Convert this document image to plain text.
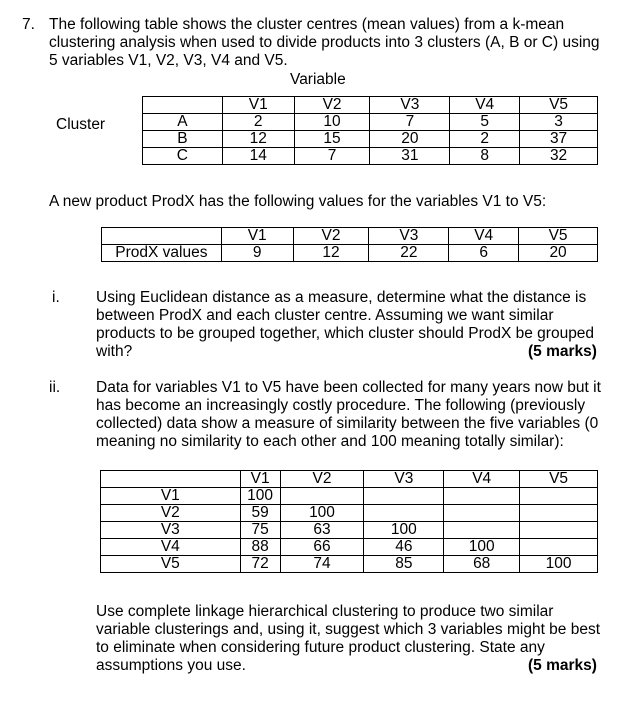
7. The following table shows the cluster centres (mean values) from a k-mean
clustering analysis when used to divide products into 3 clusters (A, B or C) using
5 variables V1, V2, V3, V4 and V5.
Variable
Cluster
	V1	V2	V3	V4	V5
A	2	10	7	5	3
B	12	15	20	2	37
C	14	7	31	8	32
A new product ProdX has the following values for the variables V1 to V5:
	V1	V2	V3	V4	V5
ProdX values	9	12	22	6	20
i. Using Euclidean distance as a measure, determine what the distance is
between ProdX and each cluster centre. Assuming we want similar
products to be grouped together, which cluster should ProdX be grouped
with?	(5 marks)
ii. Data for variables V1 to V5 have been collected for many years now but it
has become an increasingly costly procedure. The following (previously
collected) data show a measure of similarity between the five variables (0
meaning no similarity to each other and 100 meaning totally similar):
	V1	V2	V3	V4	V5
V1	100				
V2	59	100			
V3	75	63	100		
V4	88	66	46	100	
V5	72	74	85	68	100
Use complete linkage hierarchical clustering to produce two similar
variable clusterings and, using it, suggest which 3 variables might be best
to eliminate when considering future product clustering. State any
assumptions you use.	(5 marks)
